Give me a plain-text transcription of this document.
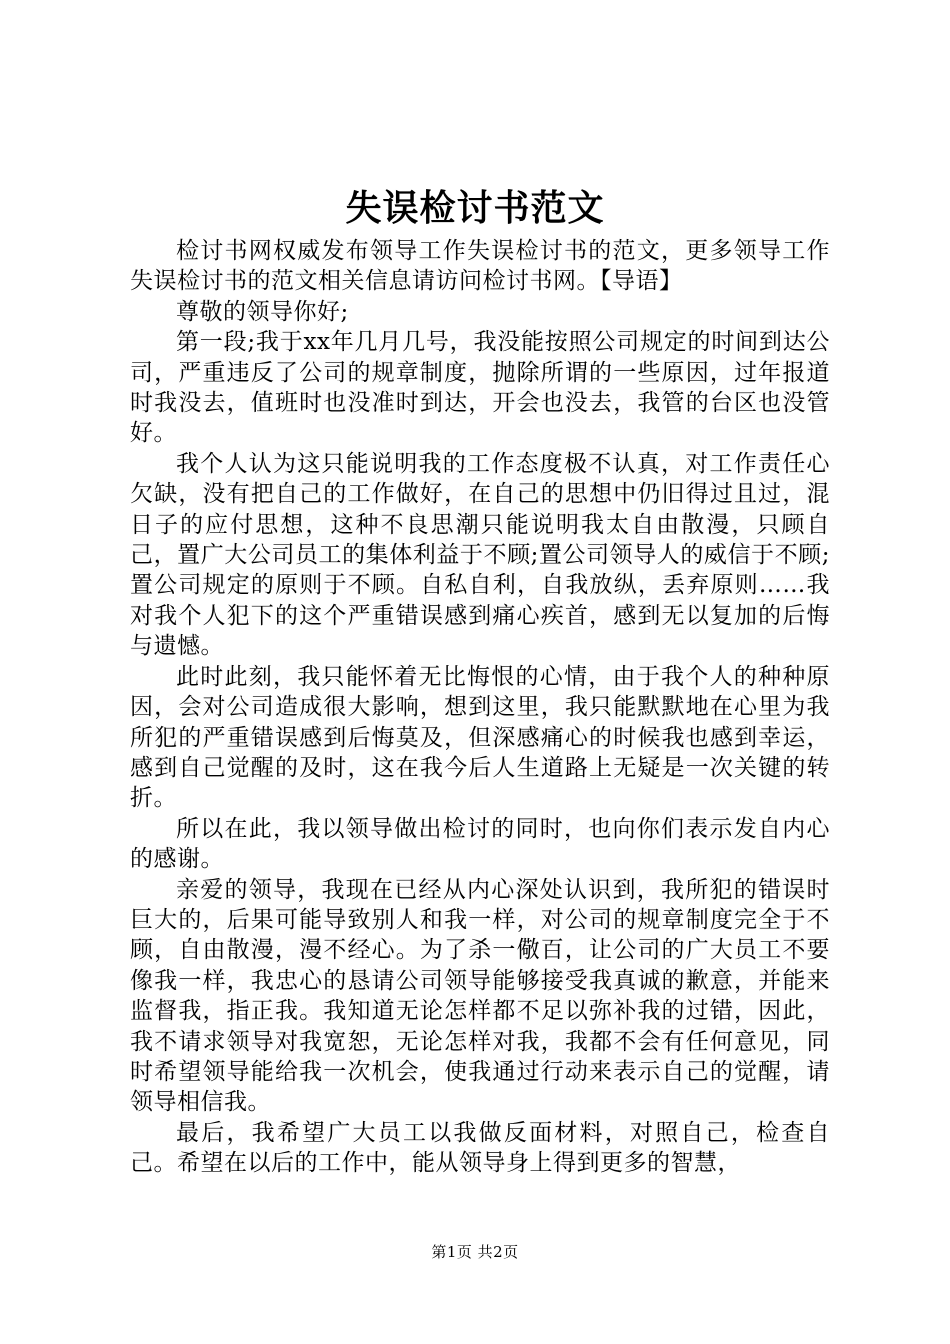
失误检讨书范文

检讨书网权威发布领导工作失误检讨书的范文，更多领导工作失误检讨书的范文相关信息请访问检讨书网。【导语】

尊敬的领导你好;

第一段;我于xx年几月几号，我没能按照公司规定的时间到达公司，严重违反了公司的规章制度，抛除所谓的一些原因，过年报道时我没去，值班时也没准时到达，开会也没去，我管的台区也没管好。

我个人认为这只能说明我的工作态度极不认真，对工作责任心欠缺，没有把自己的工作做好，在自己的思想中仍旧得过且过，混日子的应付思想，这种不良思潮只能说明我太自由散漫，只顾自己，置广大公司员工的集体利益于不顾;置公司领导人的威信于不顾;置公司规定的原则于不顾。自私自利，自我放纵，丢弃原则……我对我个人犯下的这个严重错误感到痛心疾首，感到无以复加的后悔与遗憾。

此时此刻，我只能怀着无比悔恨的心情，由于我个人的种种原因，会对公司造成很大影响，想到这里，我只能默默地在心里为我所犯的严重错误感到后悔莫及，但深感痛心的时候我也感到幸运，感到自己觉醒的及时，这在我今后人生道路上无疑是一次关键的转折。

所以在此，我以领导做出检讨的同时，也向你们表示发自内心的感谢。

亲爱的领导，我现在已经从内心深处认识到，我所犯的错误时巨大的，后果可能导致别人和我一样，对公司的规章制度完全于不顾，自由散漫，漫不经心。为了杀一儆百，让公司的广大员工不要像我一样，我忠心的恳请公司领导能够接受我真诚的歉意，并能来监督我，指正我。我知道无论怎样都不足以弥补我的过错，因此，我不请求领导对我宽恕，无论怎样对我，我都不会有任何意见，同时希望领导能给我一次机会，使我通过行动来表示自己的觉醒，请领导相信我。

最后，我希望广大员工以我做反面材料，对照自己，检查自己。希望在以后的工作中，能从领导身上得到更多的智慧，

第1页 共2页
